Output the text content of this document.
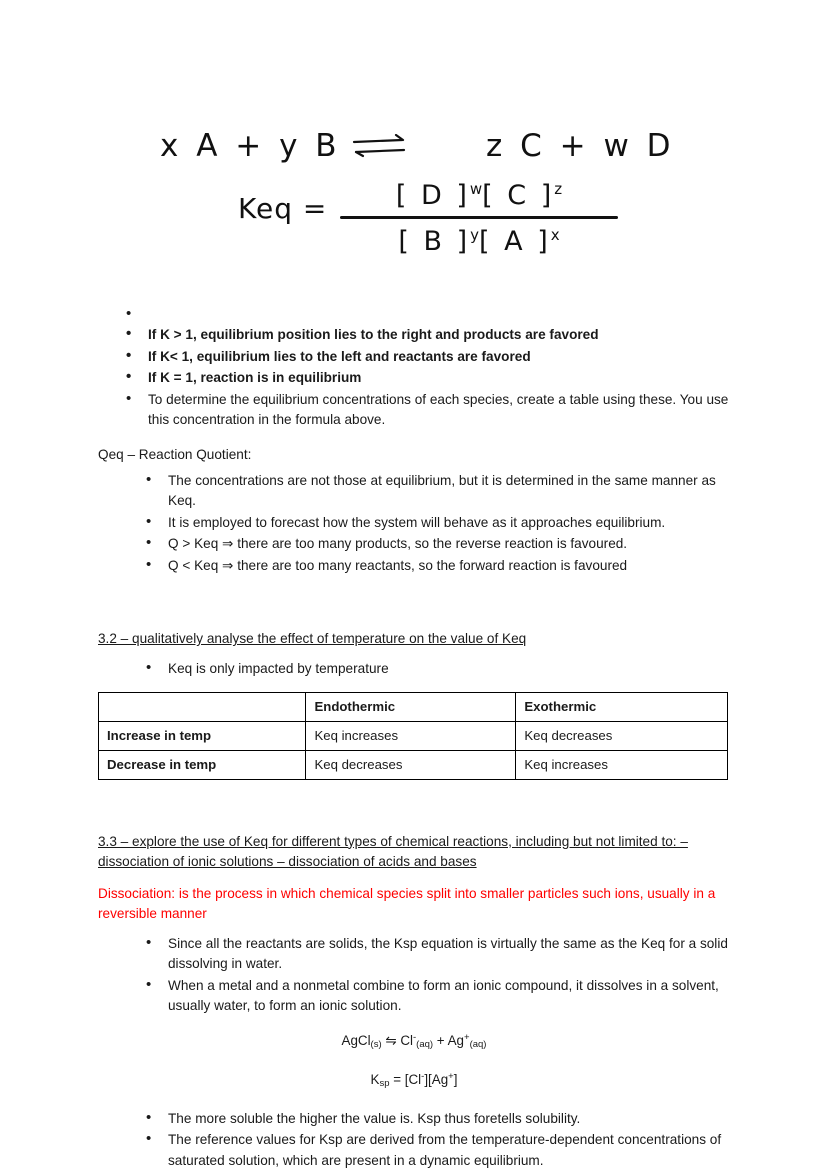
x A + y B	z C + w D
Keq =	[ D ]$^w$[ C ]$^z$
[ B ]$^y$[ A ]$^x$
•
• If K > 1, equilibrium position lies to the right and products are favored
• If K< 1, equilibrium lies to the left and reactants are favored
• If K = 1, reaction is in equilibrium
• To determine the equilibrium concentrations of each species, create a table using these. You use this concentration in the formula above.

Qeq – Reaction Quotient:

• The concentrations are not those at equilibrium, but it is determined in the same manner as Keq.
• It is employed to forecast how the system will behave as it approaches equilibrium.
• Q > Keq ⇒ there are too many products, so the reverse reaction is favoured.
• Q < Keq ⇒ there are too many reactants, so the forward reaction is favoured
3.2 – qualitatively analyse the effect of temperature on the value of Keq
• Keq is only impacted by temperature
	Endothermic	Exothermic
Increase in temp	Keq increases	Keq decreases
Decrease in temp	Keq decreases	Keq increases
3.3 – explore the use of Keq for different types of chemical reactions, including but not limited to: –
dissociation of ionic solutions – dissociation of acids and bases

Dissociation: is the process in which chemical species split into smaller particles such ions, usually in a reversible manner

• Since all the reactants are solids, the Ksp equation is virtually the same as the Keq for a solid dissolving in water.
• When a metal and a nonmetal combine to form an ionic compound, it dissolves in a solvent, usually water, to form an ionic solution.
AgCl$_{(s)}$ ⇋ $Cl^-_{(aq)} + Ag^+_{(aq)}$
$K_{sp} = [Cl^-][Ag^+]$
• The more soluble the higher the value is. Ksp thus foretells solubility.
• The reference values for Ksp are derived from the temperature-dependent concentrations of saturated solution, which are present in a dynamic equilibrium.
